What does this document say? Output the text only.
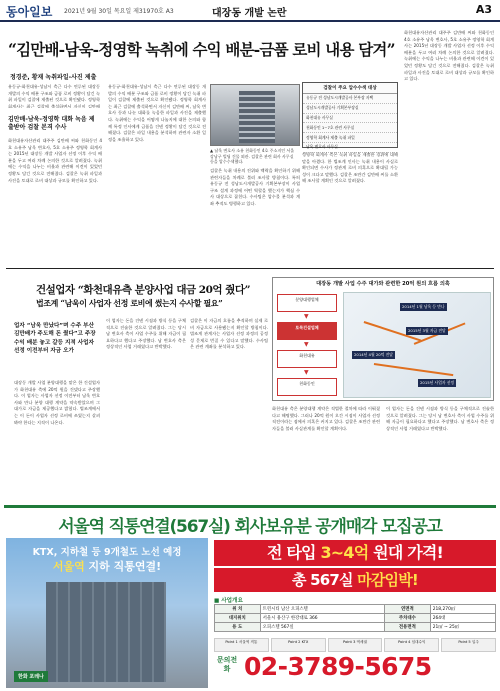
동아일보 2021년 9월 30일 목요일 제31970호 A3	대장동 개발 논란	A3
“김만배-남욱-정영학 녹취에 수익 배분-금품 로비 내용 담겨”
정경준, 황재 녹취파일-사진 제출
유동규-화천대유-성남시 측근 다수 연루된 대장동 개발의 수익 배분 구조와 금품 로비 정황이 담긴 녹취 파일이 검찰에 제출된 것으로 확인됐다. 정영학 회계사는 최근 검찰에 출석하면서 자신이 김만배
김만배-남욱-정영학 대화 녹음 제출받아 검찰 본격 수사
화천대유자산관리 대주주 김만배 씨와 천화동인 4호 소유주 남욱 변호사, 5호 소유주 정영학 회계사는 2015년 대장동 개발 사업자 선정 이후 수익 배분을 두고 여러 차례 논의한 것으로 알려졌다. 녹취에는 수익을 나누는 비율과 관련해 이견이 있었던 정황도 담긴 것으로 전해졌다. 검찰은 녹취 파일과 사진을 토대로 로비 대상과 규모를 확인하고 있다.
유동규-화천대유-성남시 측근 다수 연루된 대장동 개발의 수익 배분 구조와 금품 로비 정황이 담긴 녹취 파일이 검찰에 제출된 것으로 확인됐다. 정영학 회계사는 최근 검찰에 출석하면서 자신이 김만배 씨, 남욱 변호사 등과 나눈 대화를 녹음한 파일과 사진을 제출했다. 녹취에는 수익을 어떻게 나눌지에 대한 논의와 함께 특정 인사에게 금품을 건넨 정황이 담긴 것으로 전해졌다. 검찰은 파일 내용을 분석하며 관련자 소환 일정을 조율하고 있다.
▲ 남욱 변호사 소유 천화동인 4호 주소지인 서울 강남구 빌딩 건물 외관. 검찰은 관련 회사 사무실 등을 압수수색했다.
검찰은 녹취 내용의 진위와 맥락을 확인하기 위해 관련자들을 차례로 불러 조사할 방침이다. 특히 유동규 전 성남도시개발공사 기획본부장이 사업 구조 설계 과정에 어떤 역할을 했는지가 핵심 수사 대상으로 꼽힌다. 수사팀은 압수물 분석과 계좌 추적도 병행하고 있다.
검찰이 주요 압수수색 대상
유동규 전 성남도시개발공사 본부장 자택
성남도시개발공사 기획본부장실
화천대유 사무실
천화동인 1~7호 관련 사무실
정영학 회계사 제출 녹취 파일
남욱 변호사 사무실
정영학 회계사 측은 녹취 파일을 제출한 경위에 대해 말을 아꼈다. 한 법조계 인사는 녹취 내용이 사실로 확인되면 수사가 정관계 로비 의혹으로 확대될 가능성이 크다고 말했다. 검찰은 조만간 김만배 씨를 소환해 조사할 계획인 것으로 알려졌다.
화천대유자산관리 대주주 김만배 씨와 천화동인 4호 소유주 남욱 변호사, 5호 소유주 정영학 회계사는 2015년 대장동 개발 사업자 선정 이후 수익 배분을 두고 여러 차례 논의한 것으로 알려졌다. 녹취에는 수익을 나누는 비율과 관련해 이견이 있었던 정황도 담긴 것으로 전해졌다. 검찰은 녹취 파일과 사진을 토대로 로비 대상과 규모를 확인하고 있다.
건설업자 “화천대유측 분양사업 대금 20억 줬다”
법조계 “남욱이 사업자 선정 로비에 썼는지 수사할 필요”
업자 “남욱 만났다”며 수주 부산 김만배가 주도해 돈 줬다”고 주장 수익 배분 놓고 갈등 지적 사업자 선정 이전부터 자금 오가
대장동 개발 사업 분양대행을 맡은 한 건설업자가 화천대유 측에 20억 원을 건넸다고 주장했다. 이 업자는 사업자 선정 이전부터 남욱 변호사와 만나 분양 대행 계약을 약속받았으며 그 대가로 자금을 제공했다고 밝혔다. 법조계에서는 이 돈이 사업자 선정 로비에 쓰였는지 살펴봐야 한다는 지적이 나온다.
이 업자는 돈을 건넨 시점과 방식 등을 구체적으로 진술한 것으로 알려졌다. 그는 당시 남 변호사 측이 사업 수주를 위해 자금이 필요하다고 했다고 주장했다. 남 변호사 측은 정상적인 사업 거래였다고 반박했다.
검찰은 이 자금의 흐름을 추적하며 실제 로비 자금으로 사용됐는지 확인할 방침이다. 법조계 관계자는 사업자 선정 과정의 공정성 문제로 번질 수 있다고 말했다. 수사팀은 관련 계좌를 분석하고 있다.
대장동 개발 사업 수주 대가와 관련한 20억 원의 흐름 의혹
분양대행업체
▼
토목건설업체
▼
화천대유
▼
천화동인
2014년 1월 남욱 등 만나
2015년 3월 자금 전달
2014년 4월 20억 전달
2015년 사업자 선정
화천대유 측은 분양대행 계약은 적법한 절차에 따라 이뤄졌다고 해명했다. 그러나 20억 원이 오간 시점이 사업자 선정 직전이라는 점에서 의혹은 커지고 있다. 검찰은 조만간 관련자들을 불러 사실관계를 확인할 계획이다.
이 업자는 돈을 건넨 시점과 방식 등을 구체적으로 진술한 것으로 알려졌다. 그는 당시 남 변호사 측이 사업 수주를 위해 자금이 필요하다고 했다고 주장했다. 남 변호사 측은 정상적인 사업 거래였다고 반박했다.
서울역 직통연결(567실) 회사보유분 공개매각 모집공고
KTX, 지하철 등 9개철도 노선 예정
서울역 지하 직통연결!
한화 포레나
전 타입 3~4억 원대 가격!
총 567실 마감임박!
■ 사업개요
위 치	트윈시티 남산 오피스텔	연면적	218,270㎡
대지위치	서울시 용산구 한강대로 366	주차대수	264대
용 도	오피스텔 567실	전용면적	21㎡ ~ 25㎡
Point 1 서울역 직통	Point 2 KTX	Point 3 역세권	Point 4 임대수익	Point 5 입주
문의전화 02-3789-5675
